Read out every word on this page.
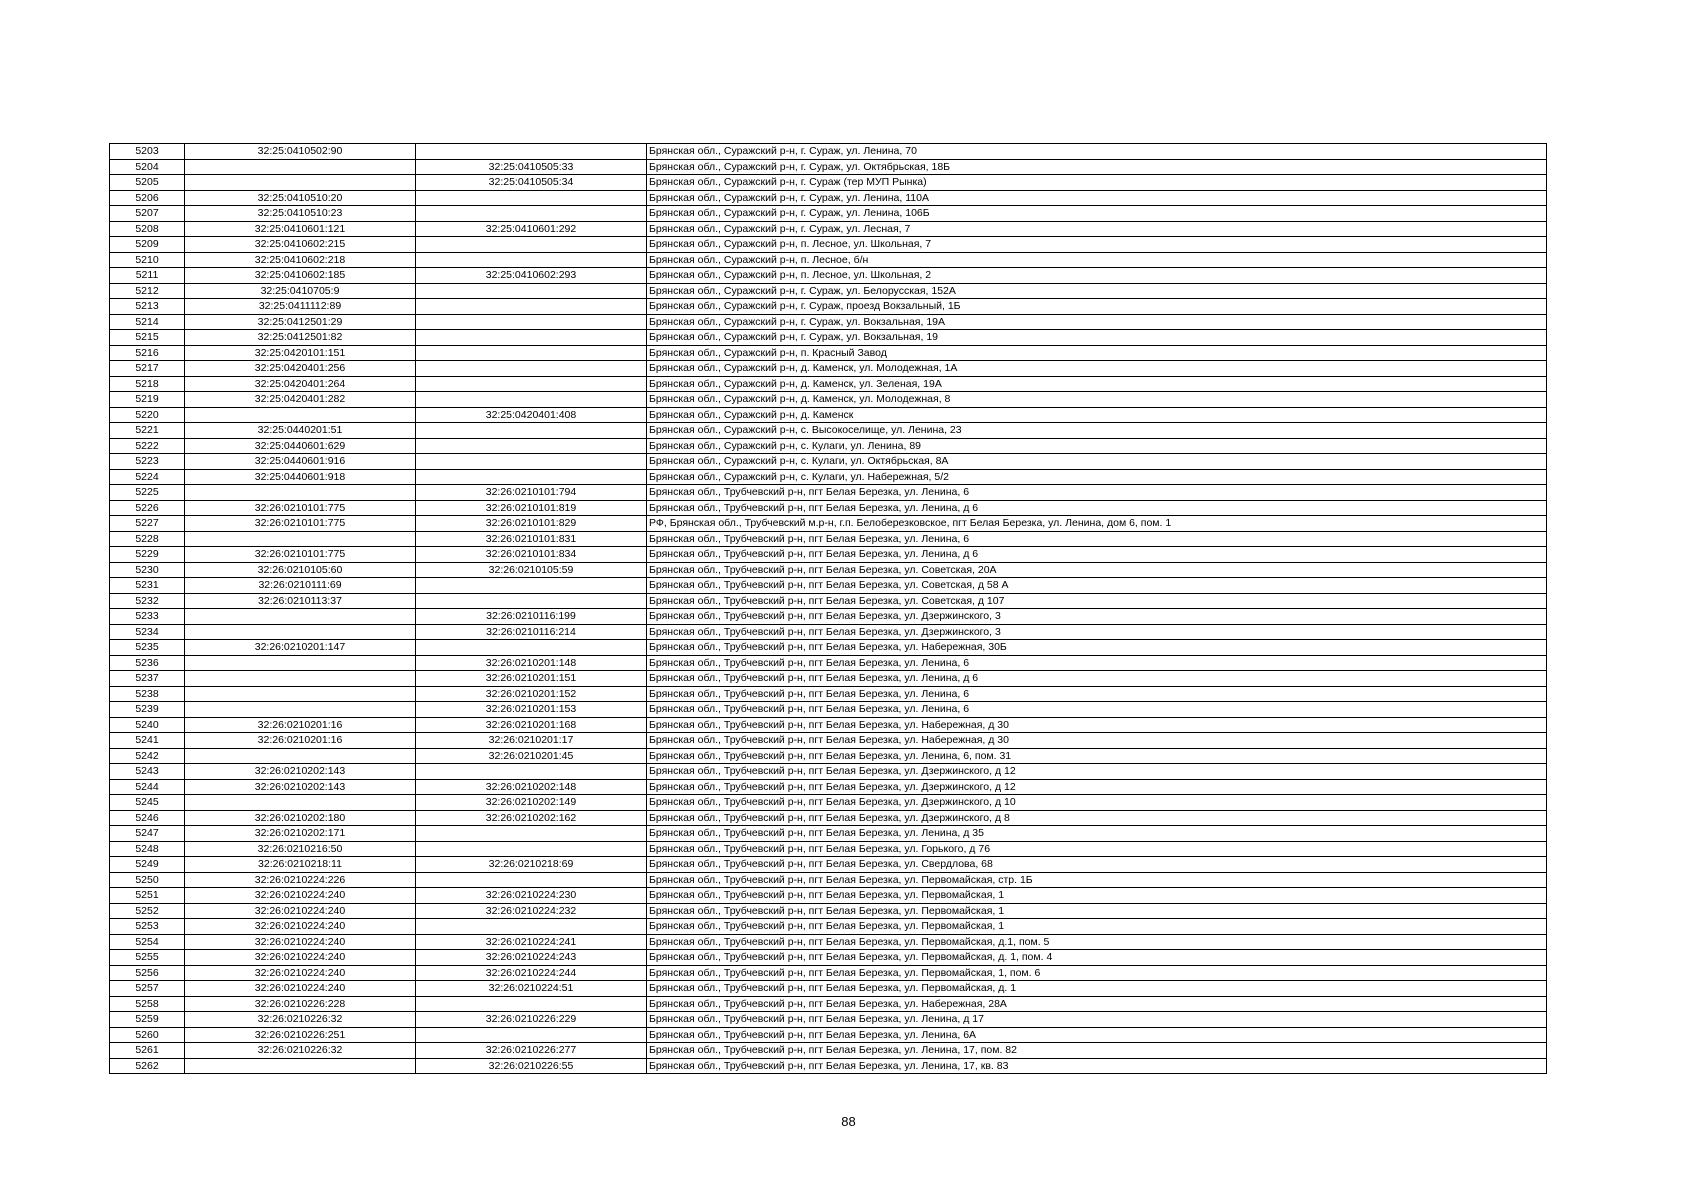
5203	32:25:0410502:90		Брянская обл., Суражский р-н, г. Сураж, ул. Ленина, 70
5204		32:25:0410505:33	Брянская обл., Суражский р-н, г. Сураж, ул. Октябрьская, 18Б
5205		32:25:0410505:34	Брянская обл., Суражский р-н, г. Сураж (тер МУП Рынка)
5206	32:25:0410510:20		Брянская обл., Суражский р-н, г. Сураж, ул. Ленина, 110А
5207	32:25:0410510:23		Брянская обл., Суражский р-н, г. Сураж, ул. Ленина, 106Б
5208	32:25:0410601:121	32:25:0410601:292	Брянская обл., Суражский р-н, г. Сураж, ул. Лесная, 7
5209	32:25:0410602:215		Брянская обл., Суражский р-н, п. Лесное, ул. Школьная, 7
5210	32:25:0410602:218		Брянская обл., Суражский р-н, п. Лесное, б/н
5211	32:25:0410602:185	32:25:0410602:293	Брянская обл., Суражский р-н, п. Лесное, ул. Школьная, 2
5212	32:25:0410705:9		Брянская обл., Суражский р-н, г. Сураж, ул. Белорусская, 152А
5213	32:25:0411112:89		Брянская обл., Суражский р-н, г. Сураж, проезд Вокзальный, 1Б
5214	32:25:0412501:29		Брянская обл., Суражский р-н, г. Сураж, ул. Вокзальная, 19А
5215	32:25:0412501:82		Брянская обл., Суражский р-н, г. Сураж, ул. Вокзальная, 19
5216	32:25:0420101:151		Брянская обл., Суражский р-н, п. Красный Завод
5217	32:25:0420401:256		Брянская обл., Суражский р-н, д. Каменск, ул. Молодежная, 1А
5218	32:25:0420401:264		Брянская обл., Суражский р-н, д. Каменск, ул. Зеленая, 19А
5219	32:25:0420401:282		Брянская обл., Суражский р-н, д. Каменск, ул. Молодежная, 8
5220		32:25:0420401:408	Брянская обл., Суражский р-н, д. Каменск
5221	32:25:0440201:51		Брянская обл., Суражский р-н, с. Высокоселище, ул. Ленина, 23
5222	32:25:0440601:629		Брянская обл., Суражский р-н, с. Кулаги, ул. Ленина, 89
5223	32:25:0440601:916		Брянская обл., Суражский р-н, с. Кулаги, ул. Октябрьская, 8А
5224	32:25:0440601:918		Брянская обл., Суражский р-н, с. Кулаги, ул. Набережная, 5/2
5225		32:26:0210101:794	Брянская обл., Трубчевский р-н, пгт Белая Березка, ул. Ленина, 6
5226	32:26:0210101:775	32:26:0210101:819	Брянская обл., Трубчевский р-н, пгт Белая Березка, ул. Ленина, д 6
5227	32:26:0210101:775	32:26:0210101:829	РФ, Брянская обл., Трубчевский м.р-н, г.п. Белоберезковское, пгт Белая Березка, ул. Ленина, дом 6, пом. 1
5228		32:26:0210101:831	Брянская обл., Трубчевский р-н, пгт Белая Березка, ул. Ленина, 6
5229	32:26:0210101:775	32:26:0210101:834	Брянская обл., Трубчевский р-н, пгт Белая Березка, ул. Ленина, д 6
5230	32:26:0210105:60	32:26:0210105:59	Брянская обл., Трубчевский р-н, пгт Белая Березка, ул. Советская, 20А
5231	32:26:0210111:69		Брянская обл., Трубчевский р-н, пгт Белая Березка, ул. Советская, д 58 А
5232	32:26:0210113:37		Брянская обл., Трубчевский р-н, пгт Белая Березка, ул. Советская, д 107
5233		32:26:0210116:199	Брянская обл., Трубчевский р-н, пгт Белая Березка, ул. Дзержинского, 3
5234		32:26:0210116:214	Брянская обл., Трубчевский р-н, пгт Белая Березка, ул. Дзержинского, 3
5235	32:26:0210201:147		Брянская обл., Трубчевский р-н, пгт Белая Березка, ул. Набережная, 30Б
5236		32:26:0210201:148	Брянская обл., Трубчевский р-н, пгт Белая Березка, ул. Ленина, 6
5237		32:26:0210201:151	Брянская обл., Трубчевский р-н, пгт Белая Березка, ул. Ленина, д 6
5238		32:26:0210201:152	Брянская обл., Трубчевский р-н, пгт Белая Березка, ул. Ленина, 6
5239		32:26:0210201:153	Брянская обл., Трубчевский р-н, пгт Белая Березка, ул. Ленина, 6
5240	32:26:0210201:16	32:26:0210201:168	Брянская обл., Трубчевский р-н, пгт Белая Березка, ул. Набережная, д 30
5241	32:26:0210201:16	32:26:0210201:17	Брянская обл., Трубчевский р-н, пгт Белая Березка, ул. Набережная, д 30
5242		32:26:0210201:45	Брянская обл., Трубчевский р-н, пгт Белая Березка, ул. Ленина, 6, пом. 31
5243	32:26:0210202:143		Брянская обл., Трубчевский р-н, пгт Белая Березка, ул. Дзержинского, д 12
5244	32:26:0210202:143	32:26:0210202:148	Брянская обл., Трубчевский р-н, пгт Белая Березка, ул. Дзержинского, д 12
5245		32:26:0210202:149	Брянская обл., Трубчевский р-н, пгт Белая Березка, ул. Дзержинского, д 10
5246	32:26:0210202:180	32:26:0210202:162	Брянская обл., Трубчевский р-н, пгт Белая Березка, ул. Дзержинского, д 8
5247	32:26:0210202:171		Брянская обл., Трубчевский р-н, пгт Белая Березка, ул. Ленина, д 35
5248	32:26:0210216:50		Брянская обл., Трубчевский р-н, пгт Белая Березка, ул. Горького, д 76
5249	32:26:0210218:11	32:26:0210218:69	Брянская обл., Трубчевский р-н, пгт Белая Березка, ул. Свердлова, 68
5250	32:26:0210224:226		Брянская обл., Трубчевский р-н, пгт Белая Березка, ул. Первомайская, стр. 1Б
5251	32:26:0210224:240	32:26:0210224:230	Брянская обл., Трубчевский р-н, пгт Белая Березка, ул. Первомайская, 1
5252	32:26:0210224:240	32:26:0210224:232	Брянская обл., Трубчевский р-н, пгт Белая Березка, ул. Первомайская, 1
5253	32:26:0210224:240		Брянская обл., Трубчевский р-н, пгт Белая Березка, ул. Первомайская, 1
5254	32:26:0210224:240	32:26:0210224:241	Брянская обл., Трубчевский р-н, пгт Белая Березка, ул. Первомайская, д.1, пом. 5
5255	32:26:0210224:240	32:26:0210224:243	Брянская обл., Трубчевский р-н, пгт Белая Березка, ул. Первомайская, д. 1, пом. 4
5256	32:26:0210224:240	32:26:0210224:244	Брянская обл., Трубчевский р-н, пгт Белая Березка, ул. Первомайская, 1, пом. 6
5257	32:26:0210224:240	32:26:0210224:51	Брянская обл., Трубчевский р-н, пгт Белая Березка, ул. Первомайская, д. 1
5258	32:26:0210226:228		Брянская обл., Трубчевский р-н, пгт Белая Березка, ул. Набережная, 28А
5259	32:26:0210226:32	32:26:0210226:229	Брянская обл., Трубчевский р-н, пгт Белая Березка, ул. Ленина, д 17
5260	32:26:0210226:251		Брянская обл., Трубчевский р-н, пгт Белая Березка, ул. Ленина, 6А
5261	32:26:0210226:32	32:26:0210226:277	Брянская обл., Трубчевский р-н, пгт Белая Березка, ул. Ленина, 17, пом. 82
5262		32:26:0210226:55	Брянская обл., Трубчевский р-н, пгт Белая Березка, ул. Ленина, 17, кв. 83
88
